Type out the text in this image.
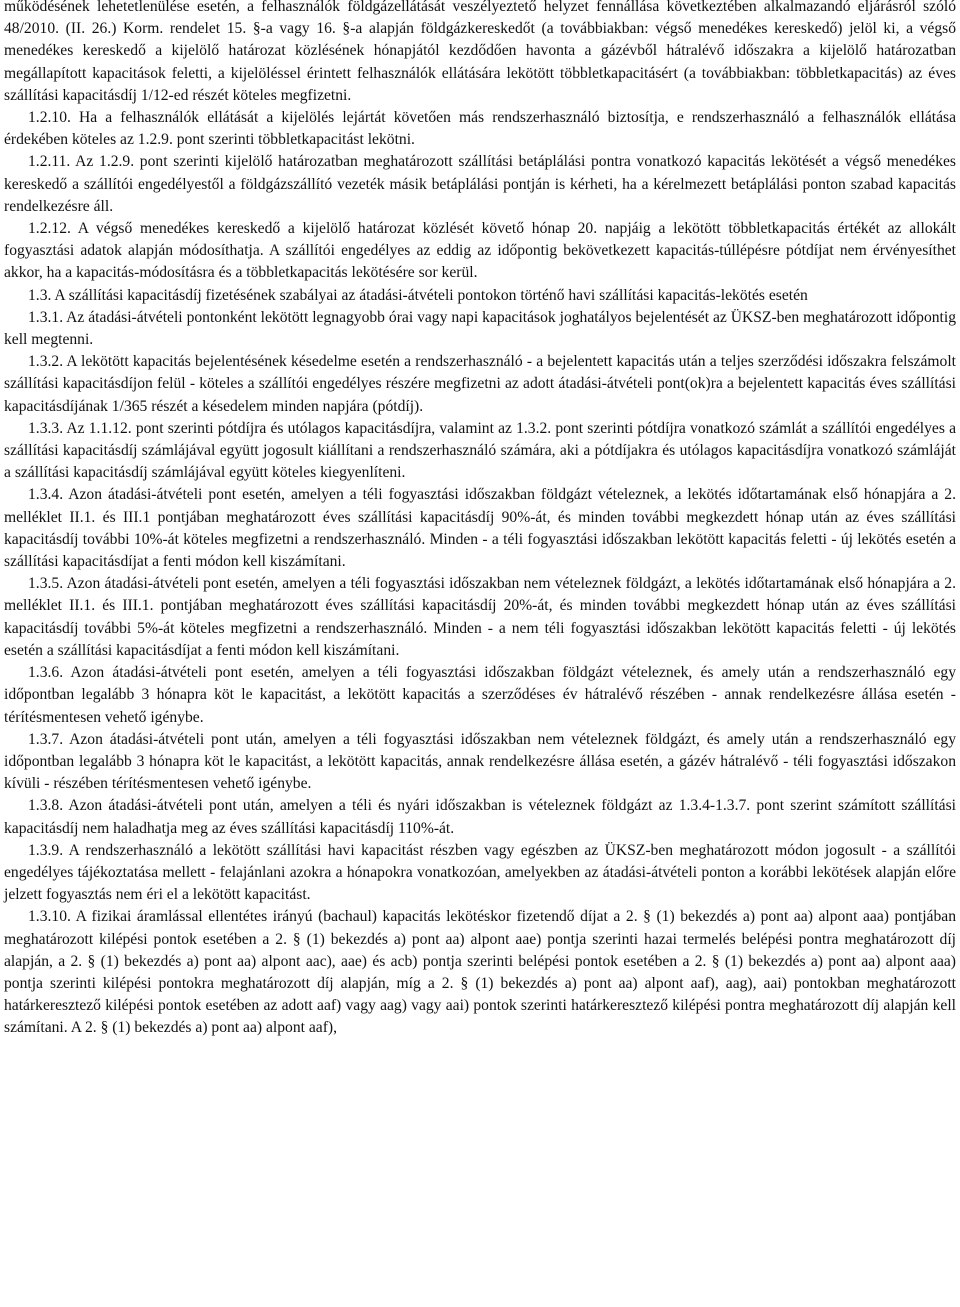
működésének lehetetlenülése esetén, a felhasználók földgázellátását veszélyeztető helyzet fennállása következtében alkalmazandó eljárásról szóló 48/2010. (II. 26.) Korm. rendelet 15. §-a vagy 16. §-a alapján földgázkereskedőt (a továbbiakban: végső menedékes kereskedő) jelöl ki, a végső menedékes kereskedő a kijelölő határozat közlésének hónapjától kezdődően havonta a gázévből hátralévő időszakra a kijelölő határozatban megállapított kapacitások feletti, a kijelöléssel érintett felhasználók ellátására lekötött többletkapacitásért (a továbbiakban: többletkapacitás) az éves szállítási kapacitásdíj 1/12-ed részét köteles megfizetni.

1.2.10. Ha a felhasználók ellátását a kijelölés lejártát követően más rendszerhasználó biztosítja, e rendszerhasználó a felhasználók ellátása érdekében köteles az 1.2.9. pont szerinti többletkapacitást lekötni.

1.2.11. Az 1.2.9. pont szerinti kijelölő határozatban meghatározott szállítási betáplálási pontra vonatkozó kapacitás lekötését a végső menedékes kereskedő a szállítói engedélyestől a földgázszállító vezeték másik betáplálási pontján is kérheti, ha a kérelmezett betáplálási ponton szabad kapacitás rendelkezésre áll.

1.2.12. A végső menedékes kereskedő a kijelölő határozat közlését követő hónap 20. napjáig a lekötött többletkapacitás értékét az allokált fogyasztási adatok alapján módosíthatja. A szállítói engedélyes az eddig az időpontig bekövetkezett kapacitás-túllépésre pótdíjat nem érvényesíthet akkor, ha a kapacitás-módosításra és a többletkapacitás lekötésére sor kerül.

1.3. A szállítási kapacitásdíj fizetésének szabályai az átadási-átvételi pontokon történő havi szállítási kapacitás-lekötés esetén

1.3.1. Az átadási-átvételi pontonként lekötött legnagyobb órai vagy napi kapacitások joghatályos bejelentését az ÜKSZ-ben meghatározott időpontig kell megtenni.

1.3.2. A lekötött kapacitás bejelentésének késedelme esetén a rendszerhasználó - a bejelentett kapacitás után a teljes szerződési időszakra felszámolt szállítási kapacitásdíjon felül - köteles a szállítói engedélyes részére megfizetni az adott átadási-átvételi pont(ok)ra a bejelentett kapacitás éves szállítási kapacitásdíjának 1/365 részét a késedelem minden napjára (pótdíj).

1.3.3. Az 1.1.12. pont szerinti pótdíjra és utólagos kapacitásdíjra, valamint az 1.3.2. pont szerinti pótdíjra vonatkozó számlát a szállítói engedélyes a szállítási kapacitásdíj számlájával együtt jogosult kiállítani a rendszerhasználó számára, aki a pótdíjakra és utólagos kapacitásdíjra vonatkozó számláját a szállítási kapacitásdíj számlájával együtt köteles kiegyenlíteni.

1.3.4. Azon átadási-átvételi pont esetén, amelyen a téli fogyasztási időszakban földgázt vételeznek, a lekötés időtartamának első hónapjára a 2. melléklet II.1. és III.1 pontjában meghatározott éves szállítási kapacitásdíj 90%-át, és minden további megkezdett hónap után az éves szállítási kapacitásdíj további 10%-át köteles megfizetni a rendszerhasználó. Minden - a téli fogyasztási időszakban lekötött kapacitás feletti - új lekötés esetén a szállítási kapacitásdíjat a fenti módon kell kiszámítani.

1.3.5. Azon átadási-átvételi pont esetén, amelyen a téli fogyasztási időszakban nem vételeznek földgázt, a lekötés időtartamának első hónapjára a 2. melléklet II.1. és III.1. pontjában meghatározott éves szállítási kapacitásdíj 20%-át, és minden további megkezdett hónap után az éves szállítási kapacitásdíj további 5%-át köteles megfizetni a rendszerhasználó. Minden - a nem téli fogyasztási időszakban lekötött kapacitás feletti - új lekötés esetén a szállítási kapacitásdíjat a fenti módon kell kiszámítani.

1.3.6. Azon átadási-átvételi pont esetén, amelyen a téli fogyasztási időszakban földgázt vételeznek, és amely után a rendszerhasználó egy időpontban legalább 3 hónapra köt le kapacitást, a lekötött kapacitás a szerződéses év hátralévő részében - annak rendelkezésre állása esetén - térítésmentesen vehető igénybe.

1.3.7. Azon átadási-átvételi pont után, amelyen a téli fogyasztási időszakban nem vételeznek földgázt, és amely után a rendszerhasználó egy időpontban legalább 3 hónapra köt le kapacitást, a lekötött kapacitás, annak rendelkezésre állása esetén, a gázév hátralévő - téli fogyasztási időszakon kívüli - részében térítésmentesen vehető igénybe.

1.3.8. Azon átadási-átvételi pont után, amelyen a téli és nyári időszakban is vételeznek földgázt az 1.3.4-1.3.7. pont szerint számított szállítási kapacitásdíj nem haladhatja meg az éves szállítási kapacitásdíj 110%-át.

1.3.9. A rendszerhasználó a lekötött szállítási havi kapacitást részben vagy egészben az ÜKSZ-ben meghatározott módon jogosult - a szállítói engedélyes tájékoztatása mellett - felajánlani azokra a hónapokra vonatkozóan, amelyekben az átadási-átvételi ponton a korábbi lekötések alapján előre jelzett fogyasztás nem éri el a lekötött kapacitást.

1.3.10. A fizikai áramlással ellentétes irányú (bachaul) kapacitás lekötéskor fizetendő díjat a 2. § (1) bekezdés a) pont aa) alpont aaa) pontjában meghatározott kilépési pontok esetében a 2. § (1) bekezdés a) pont aa) alpont aae) pontja szerinti hazai termelés belépési pontra meghatározott díj alapján, a 2. § (1) bekezdés a) pont aa) alpont aac), aae) és acb) pontja szerinti belépési pontok esetében a 2. § (1) bekezdés a) pont aa) alpont aaa) pontja szerinti kilépési pontokra meghatározott díj alapján, míg a 2. § (1) bekezdés a) pont aa) alpont aaf), aag), aai) pontokban meghatározott határkeresztező kilépési pontok esetében az adott aaf) vagy aag) vagy aai) pontok szerinti határkeresztező kilépési pontra meghatározott díj alapján kell számítani. A 2. § (1) bekezdés a) pont aa) alpont aaf),
